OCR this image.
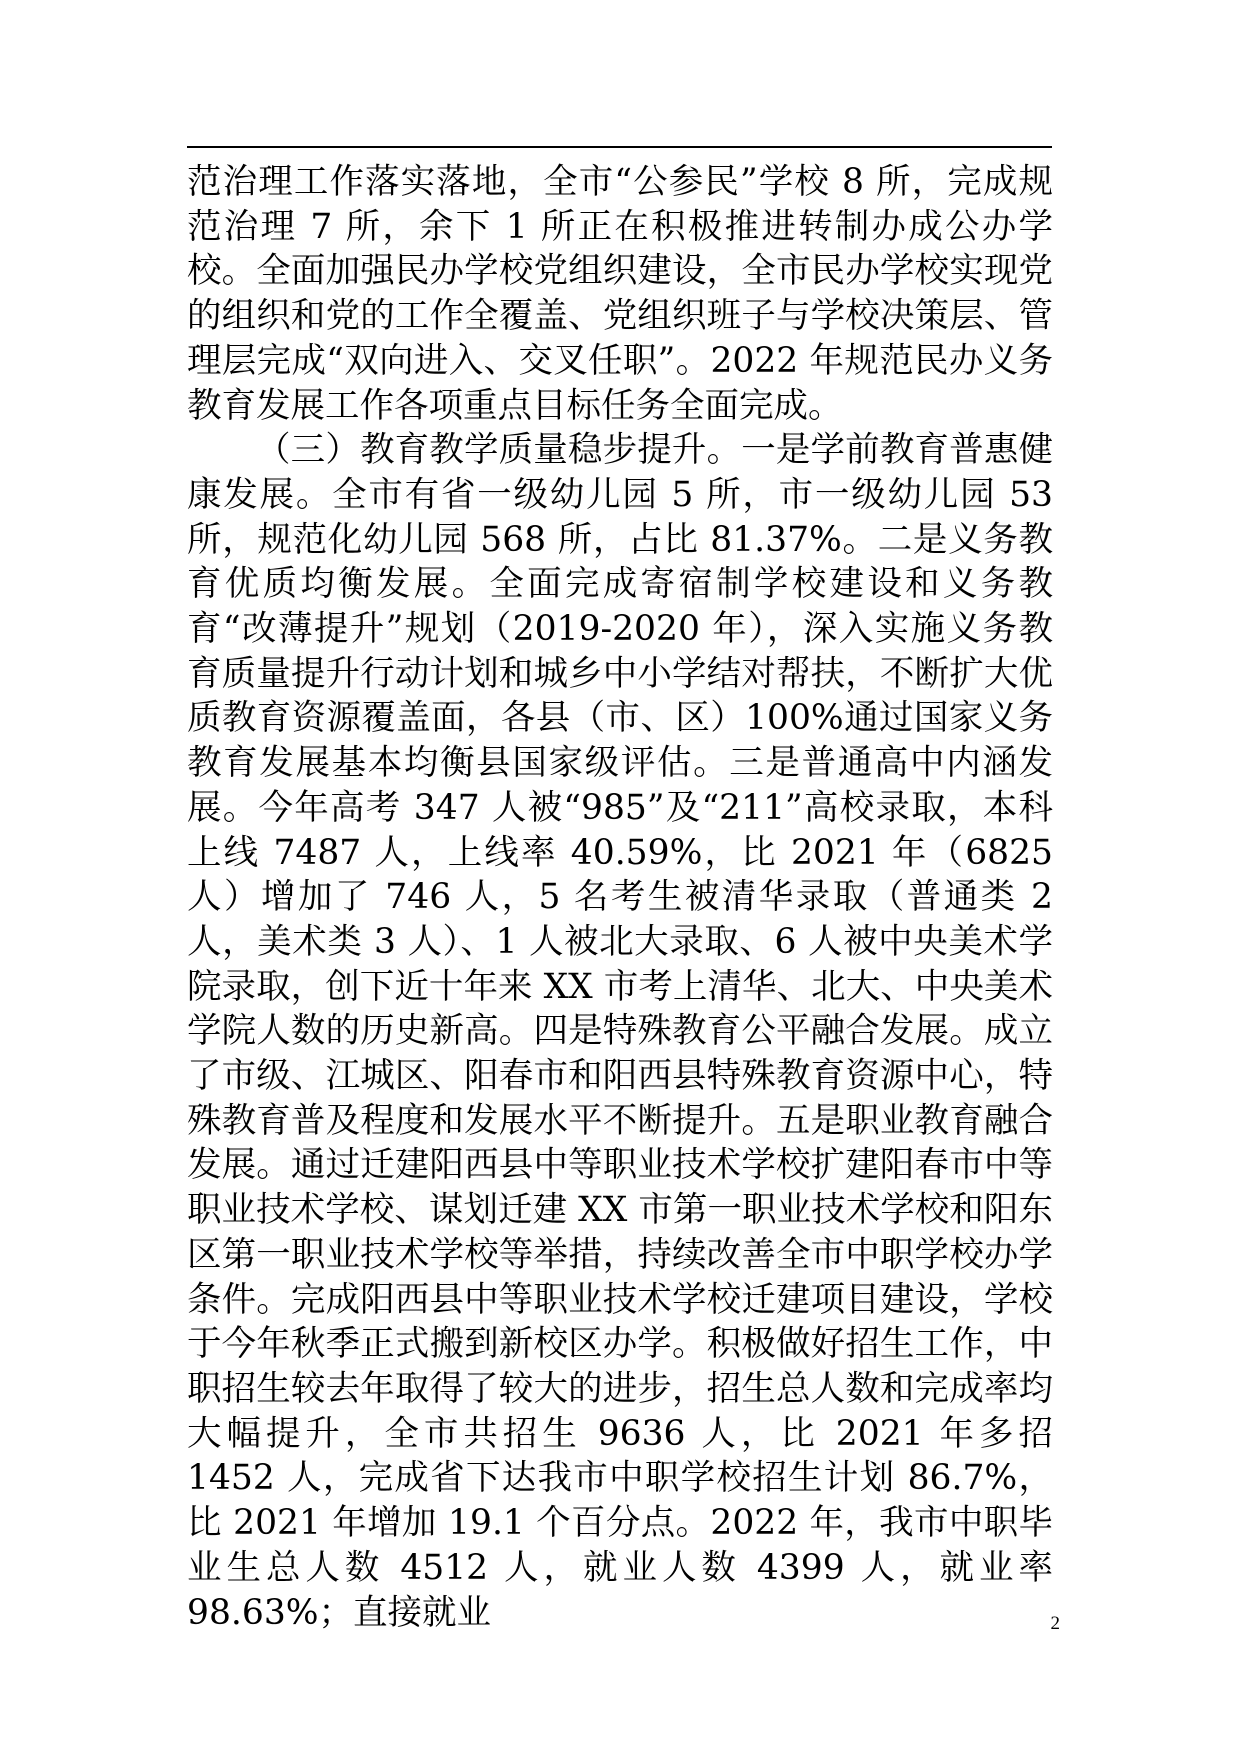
范治理工作落实落地，全市“公参民”学校 8 所，完成规范治理 7 所，余下 1 所正在积极推进转制办成公办学校。全面加强民办学校党组织建设，全市民办学校实现党的组织和党的工作全覆盖、党组织班子与学校决策层、管理层完成“双向进入、交叉任职”。2022 年规范民办义务教育发展工作各项重点目标任务全面完成。

（三）教育教学质量稳步提升。一是学前教育普惠健康发展。全市有省一级幼儿园 5 所，市一级幼儿园 53 所，规范化幼儿园 568 所，占比 81.37%。二是义务教育优质均衡发展。全面完成寄宿制学校建设和义务教育“改薄提升”规划（2019-2020 年），深入实施义务教育质量提升行动计划和城乡中小学结对帮扶，不断扩大优质教育资源覆盖面，各县（市、区）100%通过国家义务教育发展基本均衡县国家级评估。三是普通高中内涵发展。今年高考 347 人被“985”及“211”高校录取，本科上线 7487 人，上线率 40.59%，比 2021 年（6825 人）增加了 746 人，5 名考生被清华录取（普通类 2 人，美术类 3 人）、1 人被北大录取、6 人被中央美术学院录取，创下近十年来 XX 市考上清华、北大、中央美术学院人数的历史新高。四是特殊教育公平融合发展。成立了市级、江城区、阳春市和阳西县特殊教育资源中心，特殊教育普及程度和发展水平不断提升。五是职业教育融合发展。通过迁建阳西县中等职业技术学校扩建阳春市中等职业技术学校、谋划迁建 XX 市第一职业技术学校和阳东区第一职业技术学校等举措，持续改善全市中职学校办学条件。完成阳西县中等职业技术学校迁建项目建设，学校于今年秋季正式搬到新校区办学。积极做好招生工作，中职招生较去年取得了较大的进步，招生总人数和完成率均大幅提升，全市共招生 9636 人，比 2021 年多招 1452 人，完成省下达我市中职学校招生计划 86.7%，比 2021 年增加 19.1 个百分点。2022 年，我市中职毕业生总人数 4512 人，就业人数 4399 人，就业率 98.63%；直接就业	2
